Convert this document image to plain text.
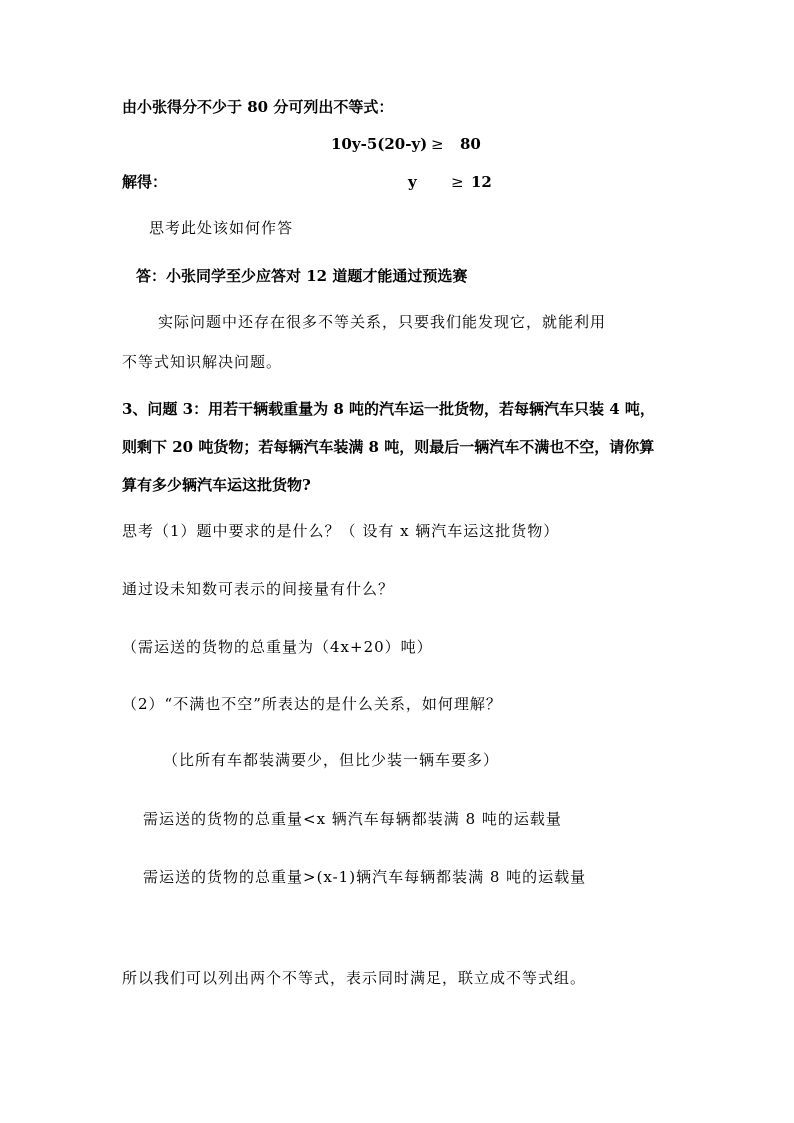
由小张得分不少于 80 分可列出不等式：
10y-5(20-y) ≥ 80
解得：	y ≥ 12
思考此处该如何作答
答：小张同学至少应答对 12 道题才能通过预选赛
实际问题中还存在很多不等关系，只要我们能发现它，就能利用
不等式知识解决问题。
3、问题 3：用若干辆载重量为 8 吨的汽车运一批货物，若每辆汽车只装 4 吨，
则剩下 20 吨货物；若每辆汽车装满 8 吨，则最后一辆汽车不满也不空，请你算
算有多少辆汽车运这批货物?
思考（1）题中要求的是什么？（ 设有 x 辆汽车运这批货物）
通过设未知数可表示的间接量有什么？
（需运送的货物的总重量为（4x+20）吨）
（2）“不满也不空”所表达的是什么关系，如何理解？
（比所有车都装满要少，但比少装一辆车要多）
需运送的货物的总重量<x 辆汽车每辆都装满 8 吨的运载量
需运送的货物的总重量>(x-1)辆汽车每辆都装满 8 吨的运载量
所以我们可以列出两个不等式，表示同时满足，联立成不等式组。
